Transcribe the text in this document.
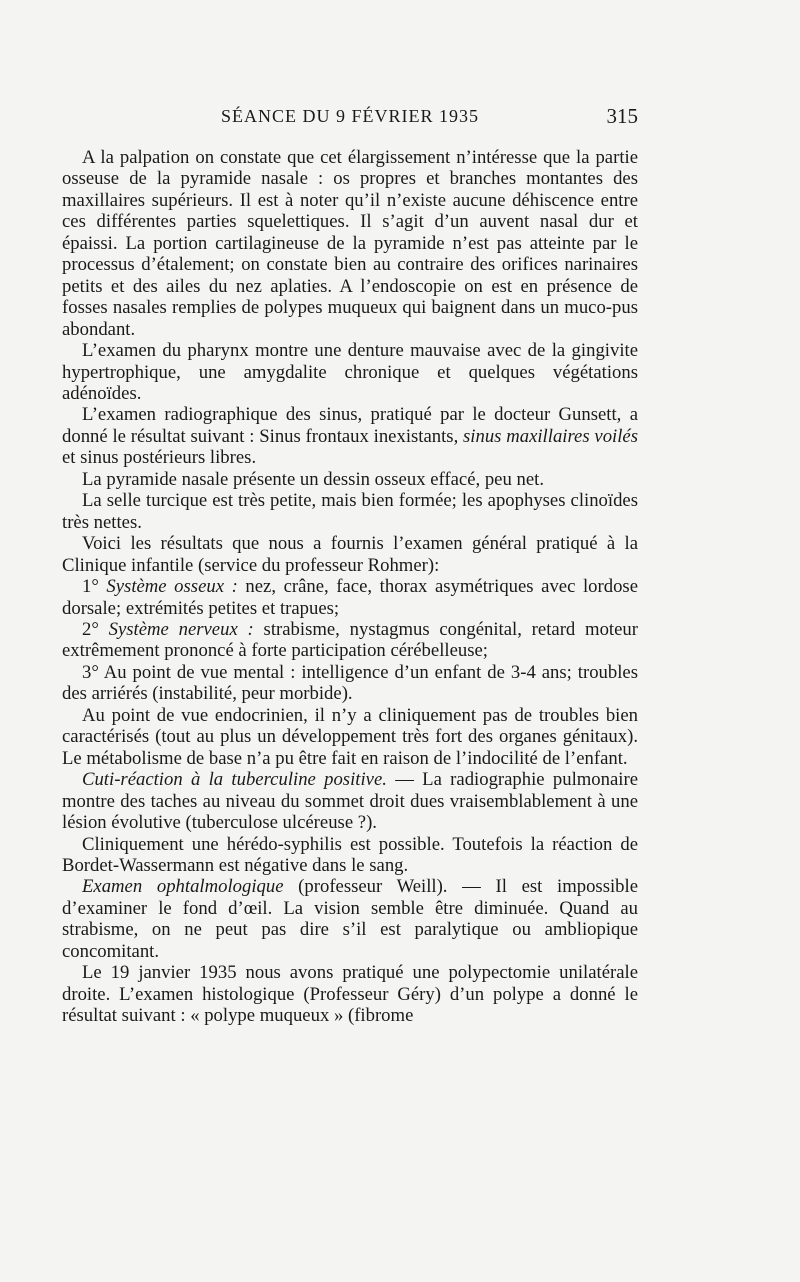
SÉANCE DU 9 FÉVRIER 1935	315

A la palpation on constate que cet élargissement n’intéresse que la partie osseuse de la pyramide nasale : os propres et branches montantes des maxillaires supérieurs. Il est à noter qu’il n’existe aucune déhiscence entre ces différentes parties squelettiques. Il s’agit d’un auvent nasal dur et épaissi. La portion cartilagineuse de la pyramide n’est pas atteinte par le processus d’étalement; on constate bien au contraire des orifices narinaires petits et des ailes du nez aplaties. A l’endoscopie on est en présence de fosses nasales remplies de polypes muqueux qui baignent dans un muco-pus abondant.

L’examen du pharynx montre une denture mauvaise avec de la gingivite hypertrophique, une amygdalite chronique et quelques végétations adénoïdes.

L’examen radiographique des sinus, pratiqué par le docteur Gunsett, a donné le résultat suivant : Sinus frontaux inexistants, sinus maxillaires voilés et sinus postérieurs libres.

La pyramide nasale présente un dessin osseux effacé, peu net.

La selle turcique est très petite, mais bien formée; les apophyses clinoïdes très nettes.

Voici les résultats que nous a fournis l’examen général pratiqué à la Clinique infantile (service du professeur Rohmer):

1° Système osseux : nez, crâne, face, thorax asymétriques avec lordose dorsale; extrémités petites et trapues;

2° Système nerveux : strabisme, nystagmus congénital, retard moteur extrêmement prononcé à forte participation cérébelleuse;

3° Au point de vue mental : intelligence d’un enfant de 3-4 ans; troubles des arriérés (instabilité, peur morbide).

Au point de vue endocrinien, il n’y a cliniquement pas de troubles bien caractérisés (tout au plus un développement très fort des organes génitaux). Le métabolisme de base n’a pu être fait en raison de l’indocilité de l’enfant.

Cuti-réaction à la tuberculine positive. — La radiographie pulmonaire montre des taches au niveau du sommet droit dues vraisemblablement à une lésion évolutive (tuberculose ulcéreuse ?).

Cliniquement une hérédo-syphilis est possible. Toutefois la réaction de Bordet-Wassermann est négative dans le sang.

Examen ophtalmologique (professeur Weill). — Il est impossible d’examiner le fond d’œil. La vision semble être diminuée. Quand au strabisme, on ne peut pas dire s’il est paralytique ou ambliopique concomitant.

Le 19 janvier 1935 nous avons pratiqué une polypectomie unilatérale droite. L’examen histologique (Professeur Géry) d’un polype a donné le résultat suivant : « polype muqueux » (fibrome
